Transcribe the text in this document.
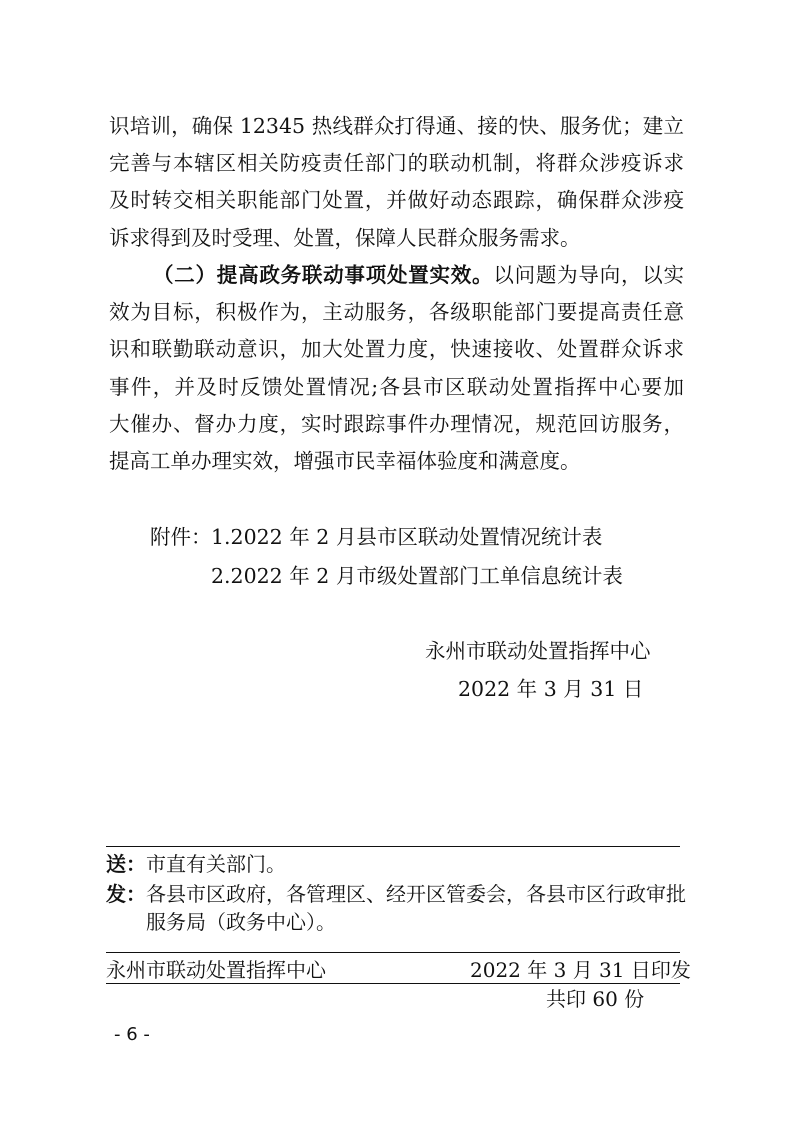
识培训，确保 12345 热线群众打得通、接的快、服务优；建立

完善与本辖区相关防疫责任部门的联动机制，将群众涉疫诉求

及时转交相关职能部门处置，并做好动态跟踪，确保群众涉疫

诉求得到及时受理、处置，保障人民群众服务需求。

（二）提高政务联动事项处置实效。以问题为导向，以实

效为目标，积极作为，主动服务，各级职能部门要提高责任意

识和联勤联动意识，加大处置力度，快速接收、处置群众诉求

事件，并及时反馈处置情况;各县市区联动处置指挥中心要加

大催办、督办力度，实时跟踪事件办理情况，规范回访服务，

提高工单办理实效，增强市民幸福体验度和满意度。

附件： 1.2022 年 2 月县市区联动处置情况统计表

2.2022 年 2 月市级处置部门工单信息统计表

永州市联动处置指挥中心

2022 年 3 月 31 日

送：市直有关部门。

发：各县市区政府，各管理区、经开区管委会，各县市区行政审批

服务局（政务中心）。

永州市联动处置指挥中心	2022 年 3 月 31 日印发

共印 60 份

- 6 -
